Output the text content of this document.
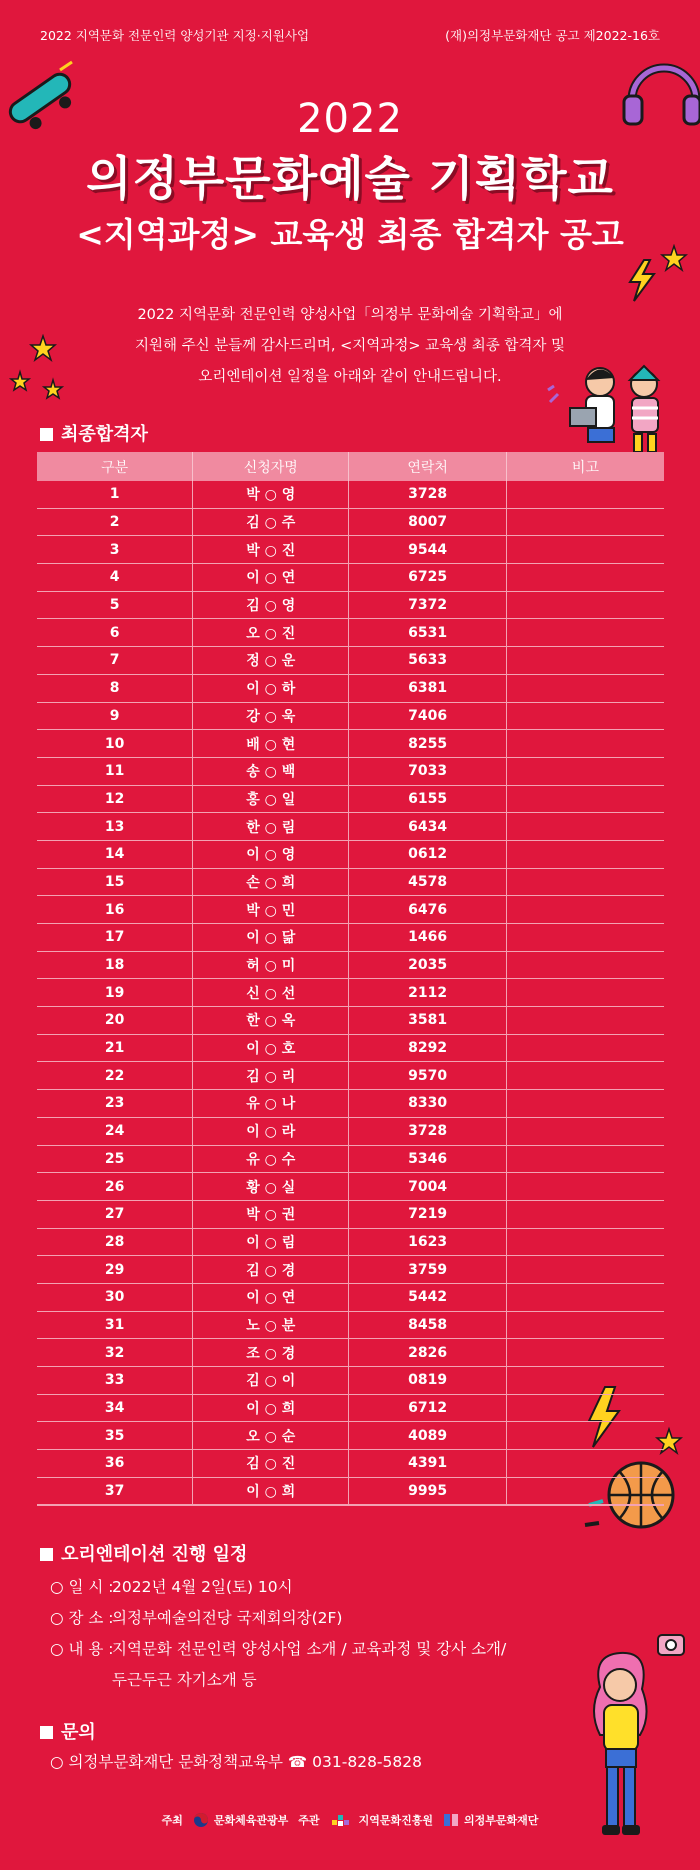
2022 지역문화 전문인력 양성기관 지정·지원사업	(재)의정부문화재단 공고 제2022-16호
2022
의정부문화예술 기획학교
<지역과정> 교육생 최종 합격자 공고
2022 지역문화 전문인력 양성사업「의정부 문화예술 기획학교」에
지원해 주신 분들께 감사드리며, <지역과정> 교육생 최종 합격자 및
오리엔테이션 일정을 아래와 같이 안내드립니다.
최종합격자
구분	신청자명	연락처	비고
1	박 ○ 영	3728	
2	김 ○ 주	8007	
3	박 ○ 진	9544	
4	이 ○ 연	6725	
5	김 ○ 영	7372	
6	오 ○ 진	6531	
7	정 ○ 운	5633	
8	이 ○ 하	6381	
9	강 ○ 욱	7406	
10	배 ○ 현	8255	
11	송 ○ 백	7033	
12	홍 ○ 일	6155	
13	한 ○ 림	6434	
14	이 ○ 영	0612	
15	손 ○ 희	4578	
16	박 ○ 민	6476	
17	이 ○ 닮	1466	
18	허 ○ 미	2035	
19	신 ○ 선	2112	
20	한 ○ 옥	3581	
21	이 ○ 호	8292	
22	김 ○ 리	9570	
23	유 ○ 나	8330	
24	이 ○ 라	3728	
25	유 ○ 수	5346	
26	황 ○ 실	7004	
27	박 ○ 권	7219	
28	이 ○ 림	1623	
29	김 ○ 경	3759	
30	이 ○ 연	5442	
31	노 ○ 분	8458	
32	조 ○ 경	2826	
33	김 ○ 이	0819	
34	이 ○ 희	6712	
35	오 ○ 순	4089	
36	김 ○ 진	4391	
37	이 ○ 희	9995	
오리엔테이션 진행 일정
○ 일 시 :
2022년 4월 2일(토) 10시
○ 장 소 :
의정부예술의전당 국제회의장(2F)
○ 내 용 :
지역문화 전문인력 양성사업 소개 / 교육과정 및 강사 소개/
두근두근 자기소개 등
문의
○ 의정부문화재단 문화정책교육부 ☎ 031-828-5828
주최	문화체육관광부 주관	지역문화진흥원	의정부문화재단
